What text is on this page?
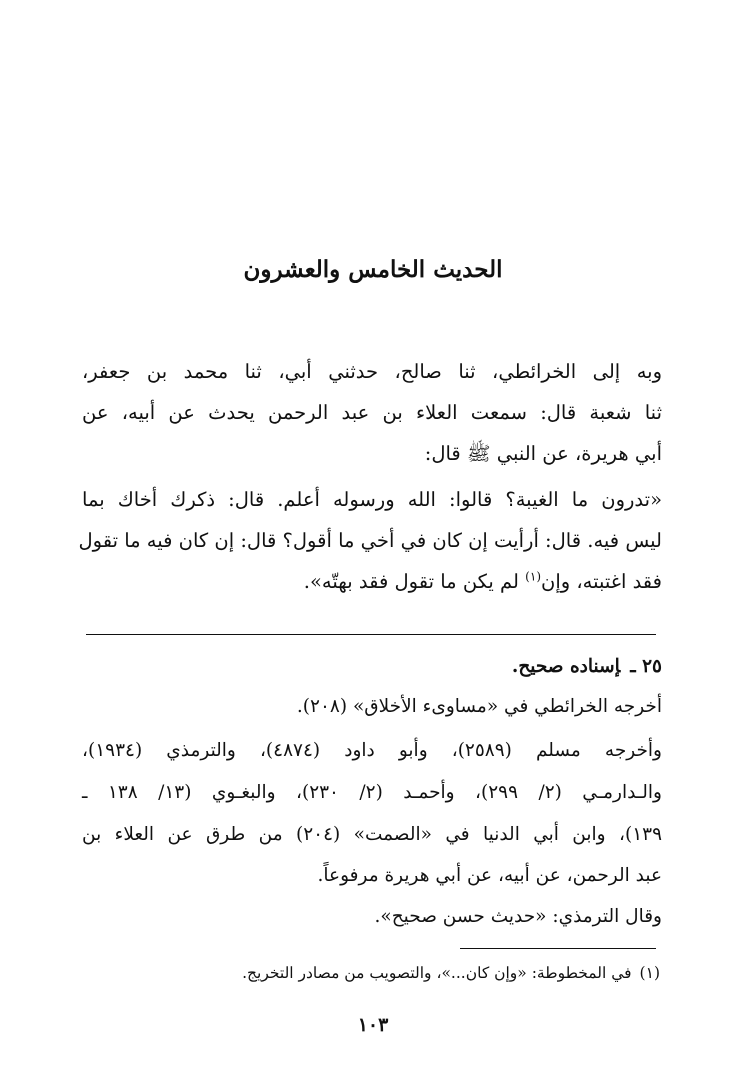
الحديث الخامس والعشرون
وبه إلى الخرائطي، ثنا صالح، حدثني أبي، ثنا محمد بن جعفر،
ثنا شعبة قال: سمعت العلاء بن عبد الرحمن يحدث عن أبيه، عن
أبي هريرة، عن النبي ﷺ قال:
«تدرون ما الغيبة؟ قالوا: الله ورسوله أعلم. قال: ذكرك أخاك بما
ليس فيه. قال: أرأيت إن كان في أخي ما أقول؟ قال: إن كان فيه ما تقول
فقد اغتبته، وإن$^{(١)}$ لم يكن ما تقول فقد بهتّه».
٢٥ ـإسناده صحيح.
أخرجه الخرائطي في «مساوىء الأخلاق» (٢٠٨).
وأخرجه مسلم (٢٥٨٩)، وأبو داود (٤٨٧٤)، والترمذي (١٩٣٤)،
والـدارمـي (٢/ ٢٩٩)، وأحمـد (٢/ ٢٣٠)، والبغـوي (١٣/ ١٣٨ ـ
١٣٩)، وابن أبي الدنيا في «الصمت» (٢٠٤) من طرق عن العلاء بن
عبد الرحمن، عن أبيه، عن أبي هريرة مرفوعاً.
وقال الترمذي: «حديث حسن صحيح».
(١)في المخطوطة: «وإن كان...»، والتصويب من مصادر التخريج.
١٠٣
